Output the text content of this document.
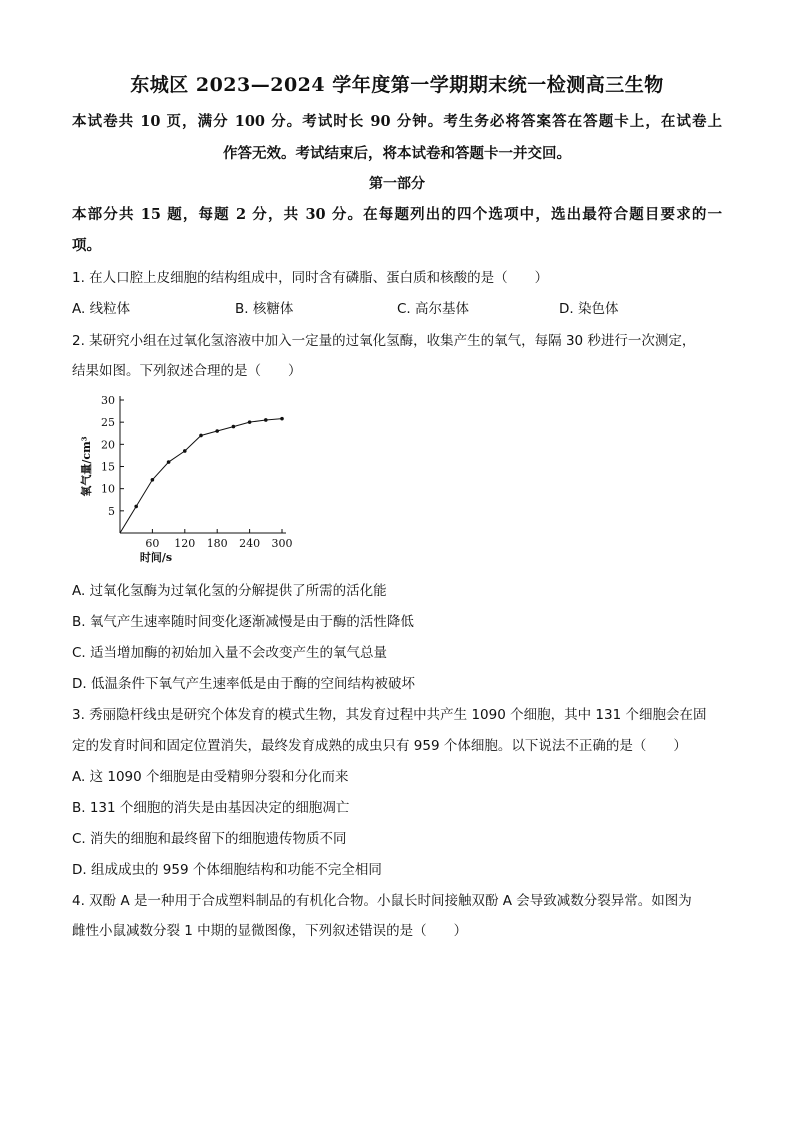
东城区 2023—2024 学年度第一学期期末统一检测高三生物
本试卷共 10 页，满分 100 分。考试时长 90 分钟。考生务必将答案答在答题卡上，在试卷上
作答无效。考试结束后，将本试卷和答题卡一并交回。
第一部分
本部分共 15 题，每题 2 分，共 30 分。在每题列出的四个选项中，选出最符合题目要求的一
项。
1. 在人口腔上皮细胞的结构组成中，同时含有磷脂、蛋白质和核酸的是（　　）
A. 线粒体	B. 核糖体	C. 高尔基体	D. 染色体
2. 某研究小组在过氧化氢溶液中加入一定量的过氧化氢酶，收集产生的氧气，每隔 30 秒进行一次测定，
结果如图。下列叙述合理的是（　　）
5
10
15
20
25
30
60 120 180 240 300
时间/s
氧气量/cm³
A. 过氧化氢酶为过氧化氢的分解提供了所需的活化能
B. 氧气产生速率随时间变化逐渐减慢是由于酶的活性降低
C. 适当增加酶的初始加入量不会改变产生的氧气总量
D. 低温条件下氧气产生速率低是由于酶的空间结构被破坏
3. 秀丽隐杆线虫是研究个体发育的模式生物，其发育过程中共产生 1090 个细胞，其中 131 个细胞会在固
定的发育时间和固定位置消失，最终发育成熟的成虫只有 959 个体细胞。以下说法不正确的是（　　）
A. 这 1090 个细胞是由受精卵分裂和分化而来
B. 131 个细胞的消失是由基因决定的细胞凋亡
C. 消失的细胞和最终留下的细胞遗传物质不同
D. 组成成虫的 959 个体细胞结构和功能不完全相同
4. 双酚 A 是一种用于合成塑料制品的有机化合物。小鼠长时间接触双酚 A 会导致减数分裂异常。如图为
雌性小鼠减数分裂 1 中期的显微图像，下列叙述错误的是（　　）
